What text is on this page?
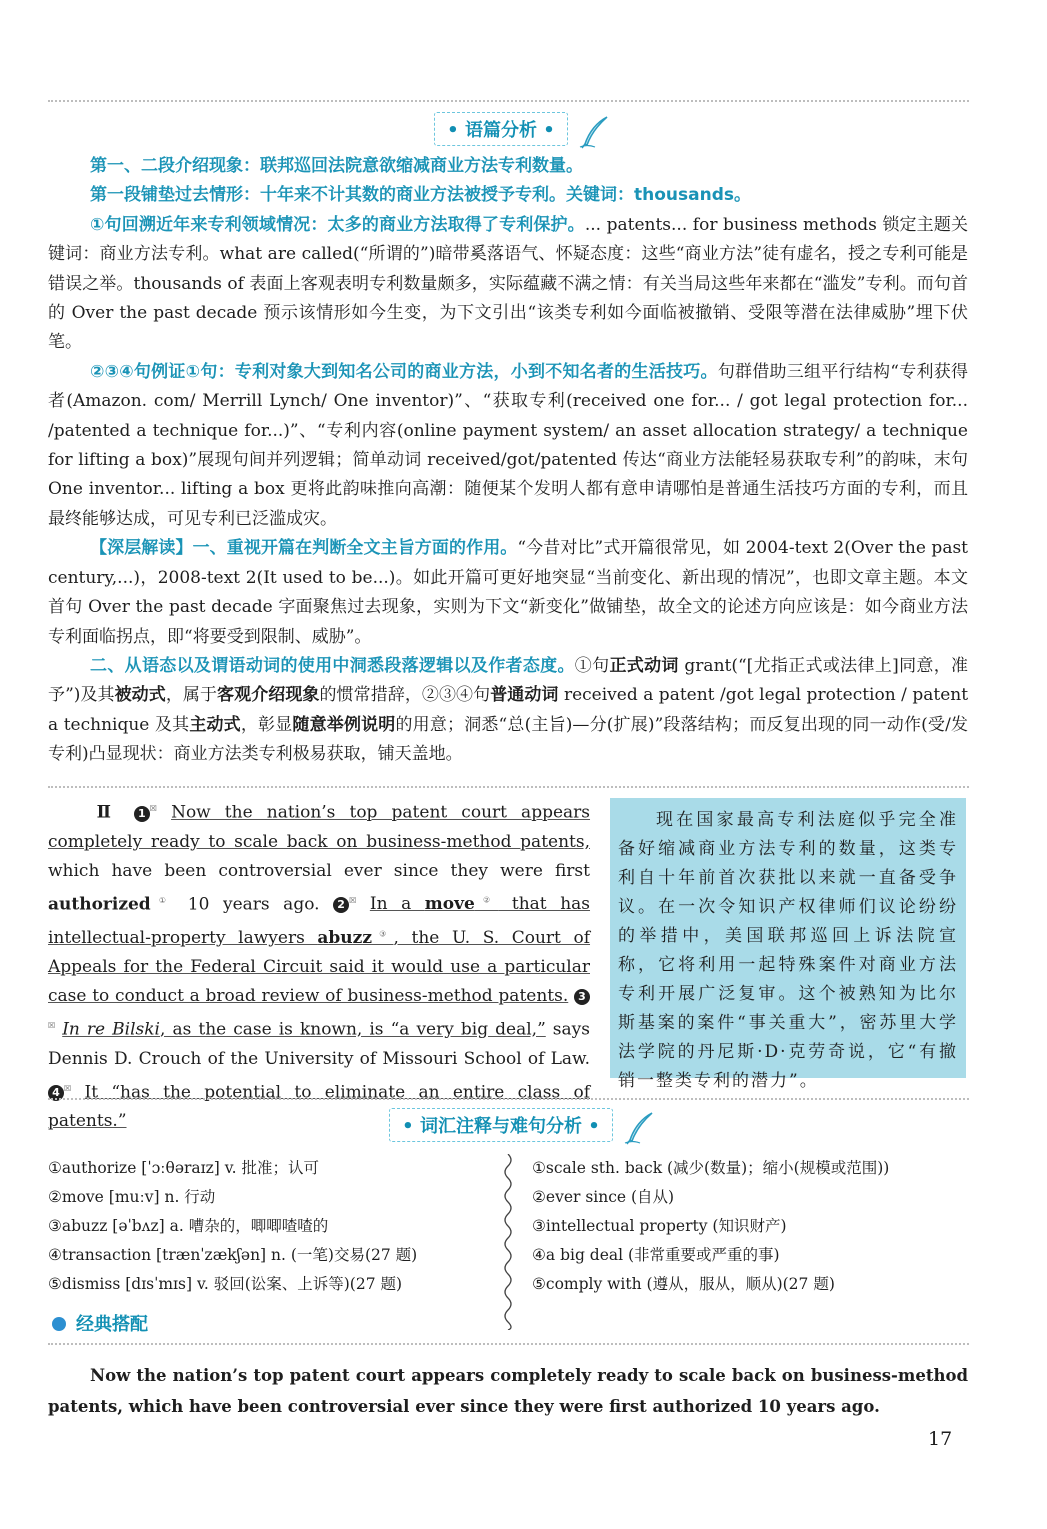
• 语篇分析 •

第一、二段介绍现象：联邦巡回法院意欲缩减商业方法专利数量。

第一段铺垫过去情形：十年来不计其数的商业方法被授予专利。关键词：thousands。

①句回溯近年来专利领域情况：太多的商业方法取得了专利保护。... patents... for business methods 锁定主题关键词：商业方法专利。what are called(“所谓的”)暗带奚落语气、怀疑态度：这些“商业方法”徒有虚名，授之专利可能是错误之举。thousands of 表面上客观表明专利数量颇多，实际蕴藏不满之情：有关当局这些年来都在“滥发”专利。而句首的 Over the past decade 预示该情形如今生变，为下文引出“该类专利如今面临被撤销、受限等潜在法律威胁”埋下伏笔。

②③④句例证①句：专利对象大到知名公司的商业方法，小到不知名者的生活技巧。句群借助三组平行结构“专利获得者(Amazon. com/ Merrill Lynch/ One inventor)”、“获取专利(received one for... / got legal protection for... /patented a technique for...)”、“专利内容(online payment system/ an asset allocation strategy/ a technique for lifting a box)”展现句间并列逻辑；简单动词 received/got/patented 传达“商业方法能轻易获取专利”的韵味，末句 One inventor... lifting a box 更将此韵味推向高潮：随便某个发明人都有意申请哪怕是普通生活技巧方面的专利，而且最终能够达成，可见专利已泛滥成灾。

【深层解读】一、重视开篇在判断全文主旨方面的作用。“今昔对比”式开篇很常见，如 2004-text 2(Over the past century,...)，2008-text 2(It used to be...)。如此开篇可更好地突显“当前变化、新出现的情况”，也即文章主题。本文首句 Over the past decade 字面聚焦过去现象，实则为下文“新变化”做铺垫，故全文的论述方向应该是：如今商业方法专利面临拐点，即“将要受到限制、威胁”。

二、从语态以及谓语动词的使用中洞悉段落逻辑以及作者态度。①句正式动词 grant(“[尤指正式或法律上]同意，准予”)及其被动式，属于客观介绍现象的惯常措辞，②③④句普通动词 received a patent /got legal protection / patent a technique 及其主动式，彰显随意举例说明的用意；洞悉“总(主旨)—分(扩展)”段落结构；而反复出现的同一动作(受/发专利)凸显现状：商业方法类专利极易获取，铺天盖地。

Ⅱ 1 ☒ Now the nation’s top patent court appears completely ready to scale back on business-method patents, which have been controversial ever since they were first authorized① 10 years ago. 2 ☒ In a move② that has intellectual-property lawyers abuzz③, the U. S. Court of Appeals for the Federal Circuit said it would use a particular case to conduct a broad review of business-method patents. 3☒ In re Bilski, as the case is known, is “a very big deal,” says Dennis D. Crouch of the University of Missouri School of Law. 4 ☒ It “has the potential to eliminate an entire class of patents.”
现在国家最高专利法庭似乎完全准备好缩减商业方法专利的数量，这类专利自十年前首次获批以来就一直备受争议。在一次令知识产权律师们议论纷纷的举措中，美国联邦巡回上诉法院宣称，它将利用一起特殊案件对商业方法专利开展广泛复审。这个被熟知为比尔斯基案的案件“事关重大”，密苏里大学法学院的丹尼斯·D·克劳奇说，它“有撤销一整类专利的潜力”。
• 词汇注释与难句分析 •
①authorize [ˈɔːθəraɪz] v. 批准；认可
②move [muːv] n. 行动
③abuzz [əˈbʌz] a. 嘈杂的，唧唧喳喳的
④transaction [trænˈzækʃən] n. (一笔)交易(27 题)
⑤dismiss [dɪsˈmɪs] v. 驳回(讼案、上诉等)(27 题)
①scale sth. back (减少(数量)；缩小(规模或范围))
②ever since (自从)
③intellectual property (知识财产)
④a big deal (非常重要或严重的事)
⑤comply with (遵从，服从，顺从)(27 题)
经典搭配
Now the nation’s top patent court appears completely ready to scale back on business-method patents, which have been controversial ever since they were first authorized 10 years ago.
17
